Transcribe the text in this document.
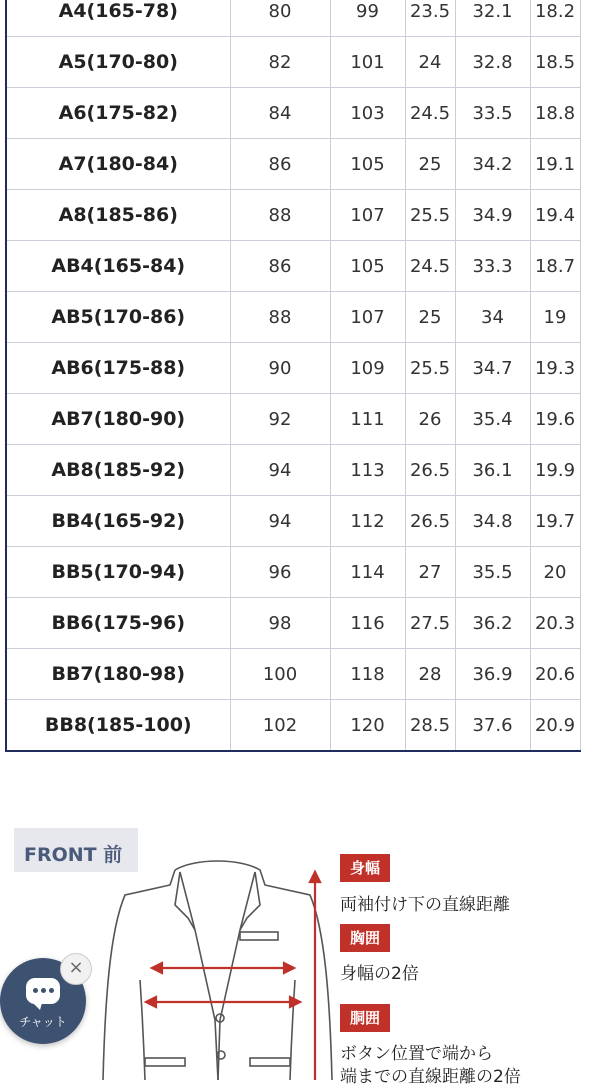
A4(165-78)	80	99	23.5	32.1	18.2
A5(170-80)	82	101	24	32.8	18.5
A6(175-82)	84	103	24.5	33.5	18.8
A7(180-84)	86	105	25	34.2	19.1
A8(185-86)	88	107	25.5	34.9	19.4
AB4(165-84)	86	105	24.5	33.3	18.7
AB5(170-86)	88	107	25	34	19
AB6(175-88)	90	109	25.5	34.7	19.3
AB7(180-90)	92	111	26	35.4	19.6
AB8(185-92)	94	113	26.5	36.1	19.9
BB4(165-92)	94	112	26.5	34.8	19.7
BB5(170-94)	96	114	27	35.5	20
BB6(175-96)	98	116	27.5	36.2	20.3
BB7(180-98)	100	118	28	36.9	20.6
BB8(185-100)	102	120	28.5	37.6	20.9
FRONT 前
身幅
両袖付け下の直線距離
胸囲
身幅の2倍
胴囲
ボタン位置で端から
端までの直線距離の2倍
チャット
×
